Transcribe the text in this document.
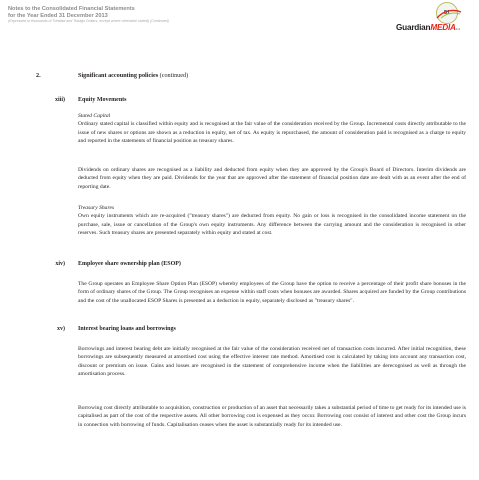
Notes to the Consolidated Financial Statements
for the Year Ended 31 December 2013
(Expressed in thousands of Trinidad and Tobago Dollars, except where otherwise stated) (Continued)
51
GuardianMEDIALtd
2.	Significant accounting policies (continued)
xiii) Equity Movements

Stated Capital
Ordinary stated capital is classified within equity and is recognised at the fair value of the consideration received by the Group. Incremental costs directly attributable to the issue of new shares or options are shown as a reduction in equity, net of tax. As equity is repurchased, the amount of consideration paid is recognised as a charge to equity and reported in the statements of financial position as treasury shares.

Dividends on ordinary shares are recognised as a liability and deducted from equity when they are approved by the Group's Board of Directors. Interim dividends are deducted from equity when they are paid. Dividends for the year that are approved after the statement of financial position date are dealt with as an event after the end of reporting date.

Treasury Shares
Own equity instruments which are re-acquired ("treasury shares") are deducted from equity. No gain or loss is recognised in the consolidated income statement on the purchase, sale, issue or cancellation of the Group's own equity instruments. Any difference between the carrying amount and the consideration is recognised in other reserves. Such treasury shares are presented separately within equity and stated at cost.

xiv) Employee share ownership plan (ESOP)

The Group operates an Employee Share Option Plan (ESOP) whereby employees of the Group have the option to receive a percentage of their profit share bonuses in the form of ordinary shares of the Group. The Group recognises an expense within staff costs when bonuses are awarded. Shares acquired are funded by the Group contributions and the cost of the unallocated ESOP Shares is presented as a deduction in equity, separately disclosed as "treasury shares".

xv) Interest bearing loans and borrowings

Borrowings and interest bearing debt are initially recognised at the fair value of the consideration received net of transaction costs incurred. After initial recognition, these borrowings are subsequently measured at amortised cost using the effective interest rate method. Amortised cost is calculated by taking into account any transaction cost, discount or premium on issue. Gains and losses are recognised in the statement of comprehensive income when the liabilities are derecognised as well as through the amortisation process.

Borrowing cost directly attributable to acquisition, construction or production of an asset that necessarily takes a substantial period of time to get ready for its intended use is capitalised as part of the cost of the respective assets. All other borrowing cost is expensed as they occur. Borrowing cost consist of interest and other cost the Group incurs in connection with borrowing of funds. Capitalisation ceases when the asset is substantially ready for its intended use.
